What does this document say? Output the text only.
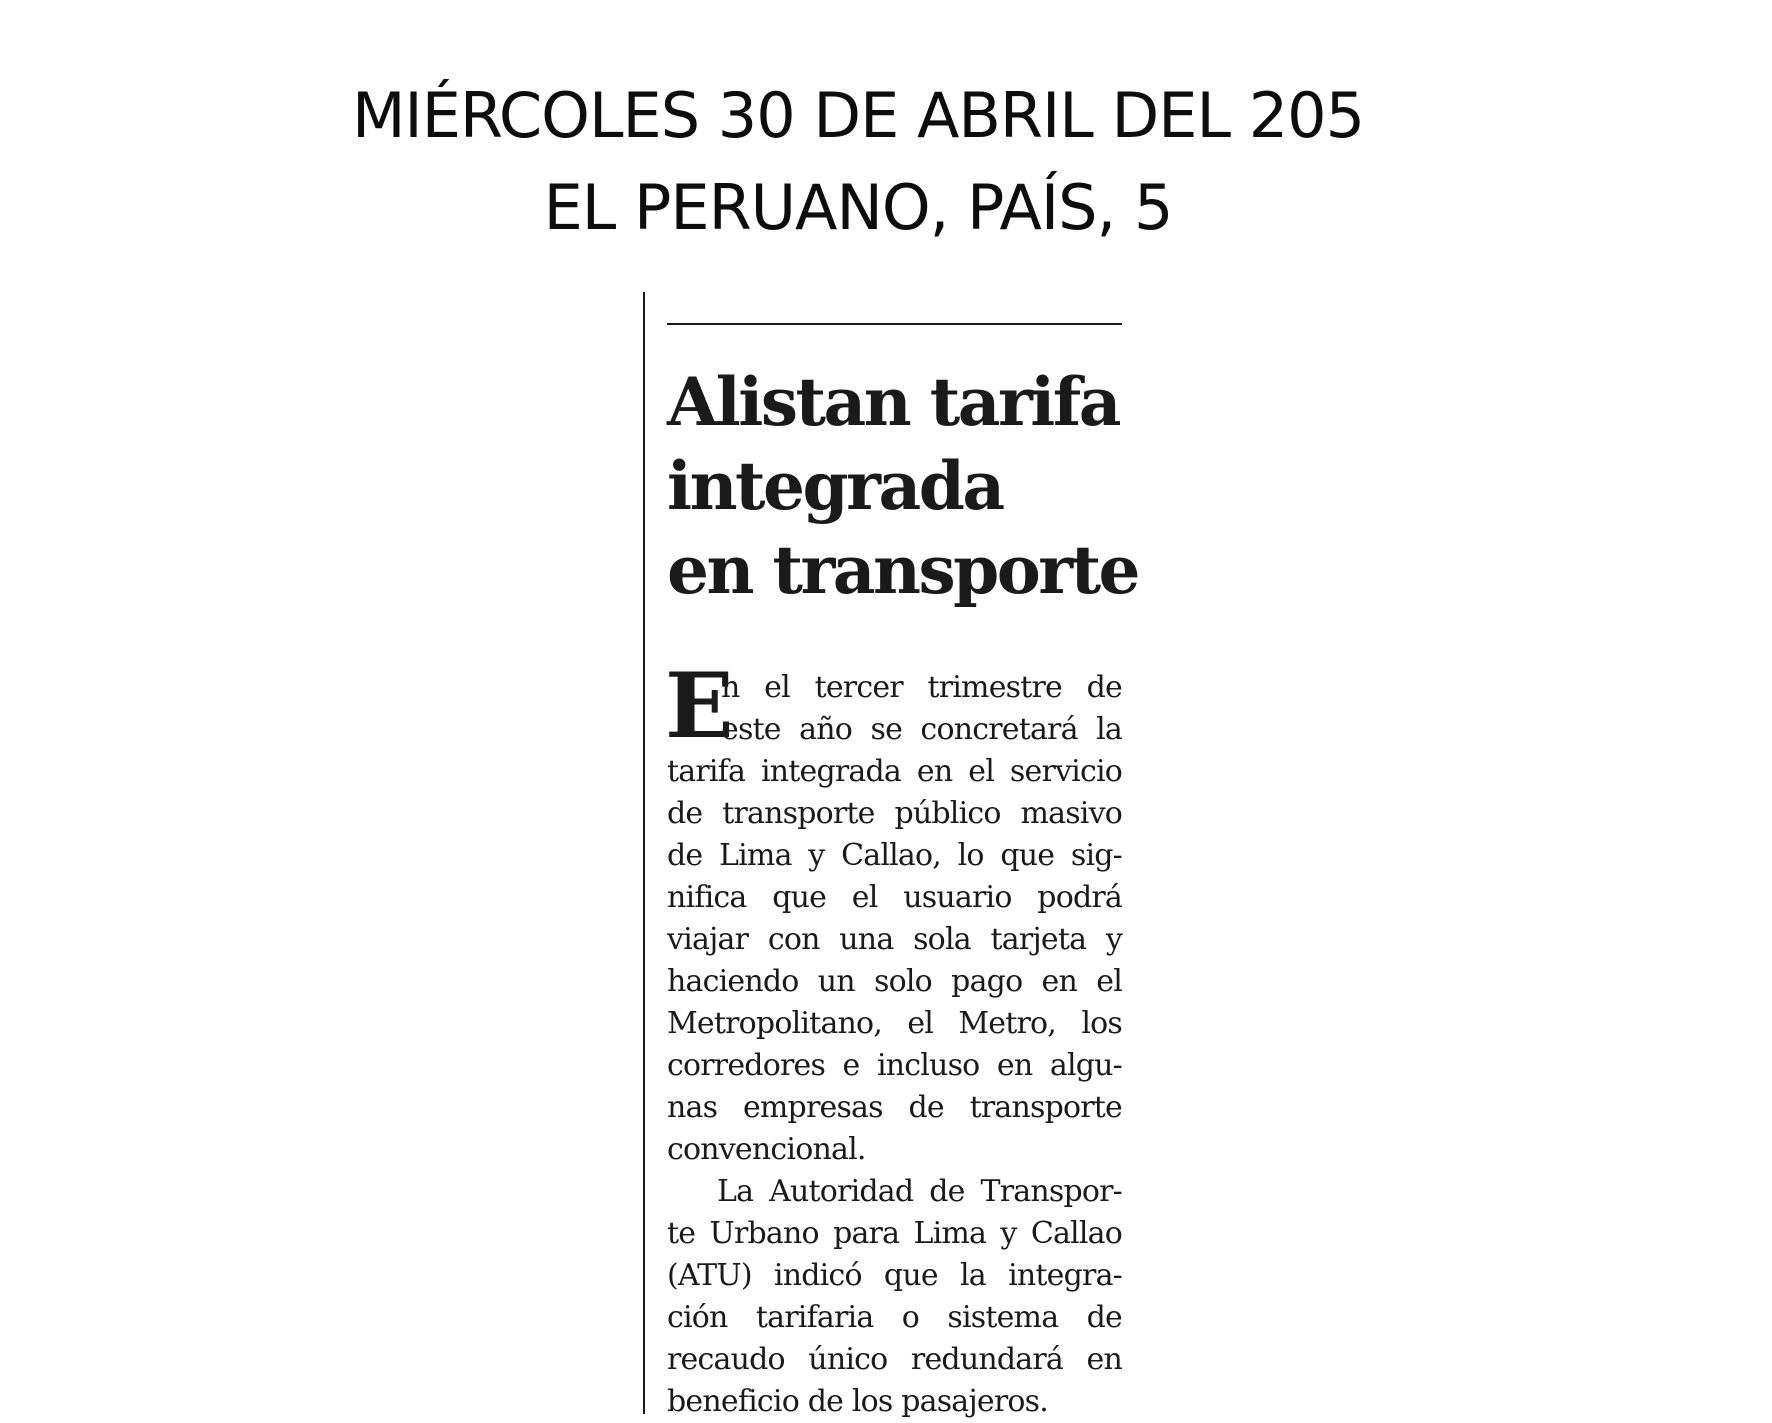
MIÉRCOLES 30 DE ABRIL DEL 205
EL PERUANO, PAÍS, 5
Alistan tarifa
integrada
en transporte
E
n el tercer trimestre de
este año se concretará la
tarifa integrada en el servicio
de transporte público masivo
de Lima y Callao, lo que sig-
nifica que el usuario podrá
viajar con una sola tarjeta y
haciendo un solo pago en el
Metropolitano, el Metro, los
corredores e incluso en algu-
nas empresas de transporte
convencional.
La Autoridad de Transpor-
te Urbano para Lima y Callao
(ATU) indicó que la integra-
ción tarifaria o sistema de
recaudo único redundará en
beneficio de los pasajeros.
